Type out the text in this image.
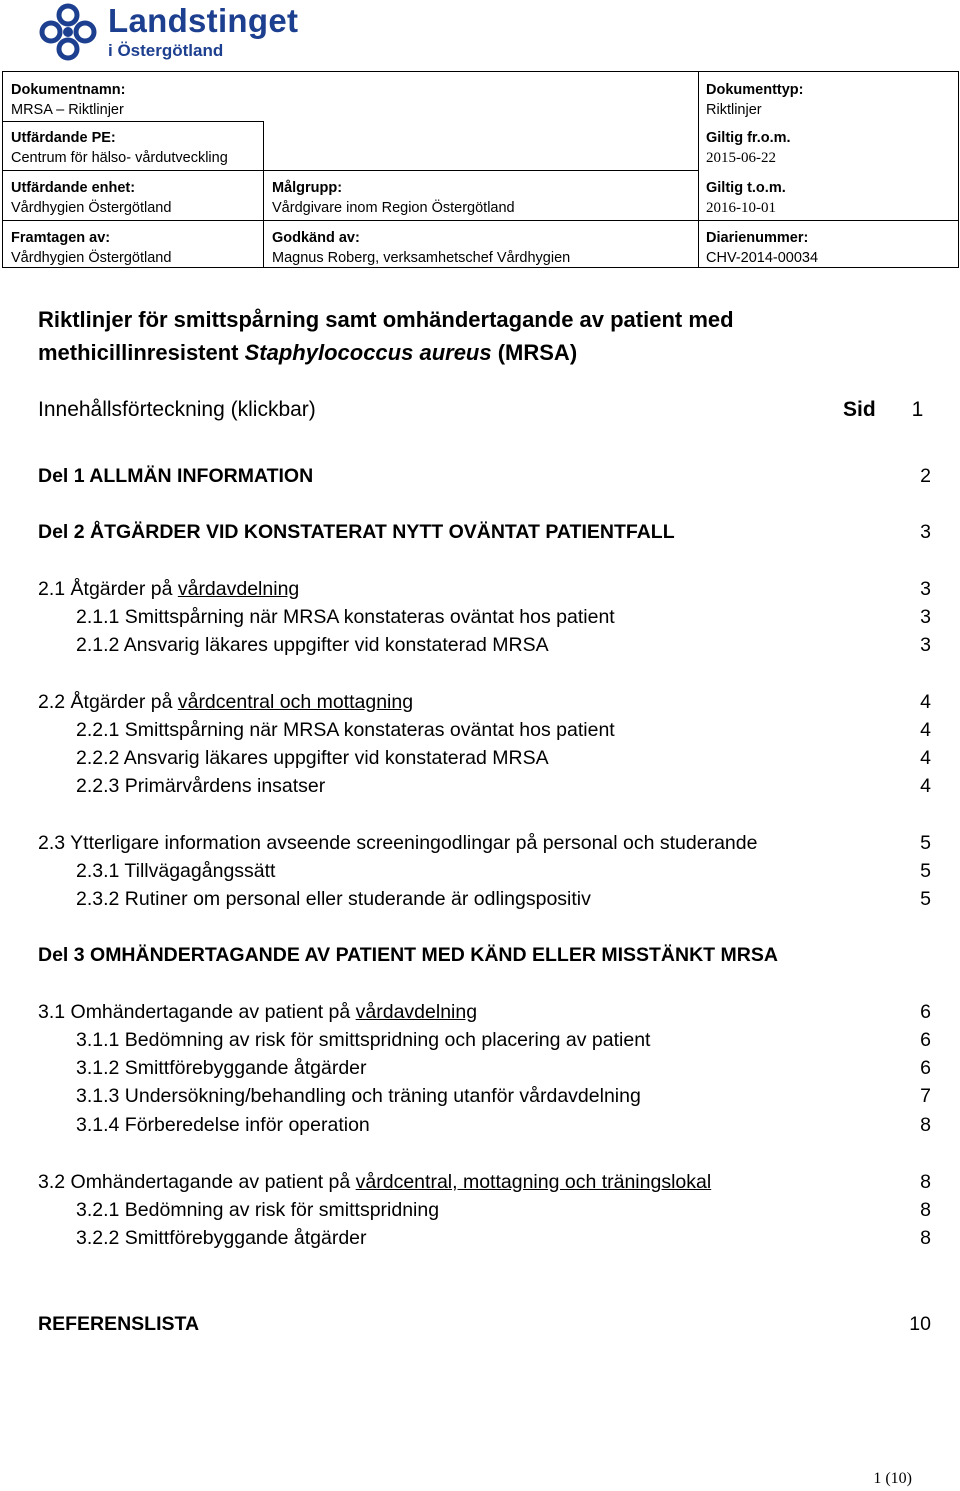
Landstinget
i Östergötland
Dokumentnamn:
MRSA – Riktlinjer
Dokumenttyp:
Riktlinjer
Utfärdande PE:
Centrum för hälso- vårdutveckling
Giltig fr.o.m.
2015-06-22
Utfärdande enhet:
Vårdhygien Östergötland
Målgrupp:
Vårdgivare inom Region Östergötland
Giltig t.o.m.
2016-10-01
Framtagen av:
Vårdhygien Östergötland
Godkänd av:
Magnus Roberg, verksamhetschef Vårdhygien
Diarienummer:
CHV-2014-00034
Riktlinjer för smittspårning samt omhändertagande av patient med
methicillinresistent Staphylococcus aureus (MRSA)
Innehållsförteckning (klickbar)	Sid 1
Del 1 ALLMÄN INFORMATION	2
Del 2 ÅTGÄRDER VID KONSTATERAT NYTT OVÄNTAT PATIENTFALL	3
2.1 Åtgärder på vårdavdelning	3
2.1.1 Smittspårning när MRSA konstateras oväntat hos patient	3
2.1.2 Ansvarig läkares uppgifter vid konstaterad MRSA	3
2.2 Åtgärder på vårdcentral och mottagning	4
2.2.1 Smittspårning när MRSA konstateras oväntat hos patient	4
2.2.2 Ansvarig läkares uppgifter vid konstaterad MRSA	4
2.2.3 Primärvårdens insatser	4
2.3 Ytterligare information avseende screeningodlingar på personal och studerande	5
2.3.1 Tillvägagångssätt	5
2.3.2 Rutiner om personal eller studerande är odlingspositiv	5
Del 3 OMHÄNDERTAGANDE AV PATIENT MED KÄND ELLER MISSTÄNKT MRSA
3.1 Omhändertagande av patient på vårdavdelning	6
3.1.1 Bedömning av risk för smittspridning och placering av patient	6
3.1.2 Smittförebyggande åtgärder	6
3.1.3 Undersökning/behandling och träning utanför vårdavdelning	7
3.1.4 Förberedelse inför operation	8
3.2 Omhändertagande av patient på vårdcentral, mottagning och träningslokal	8
3.2.1 Bedömning av risk för smittspridning	8
3.2.2 Smittförebyggande åtgärder	8
REFERENSLISTA	10
1 (10)
